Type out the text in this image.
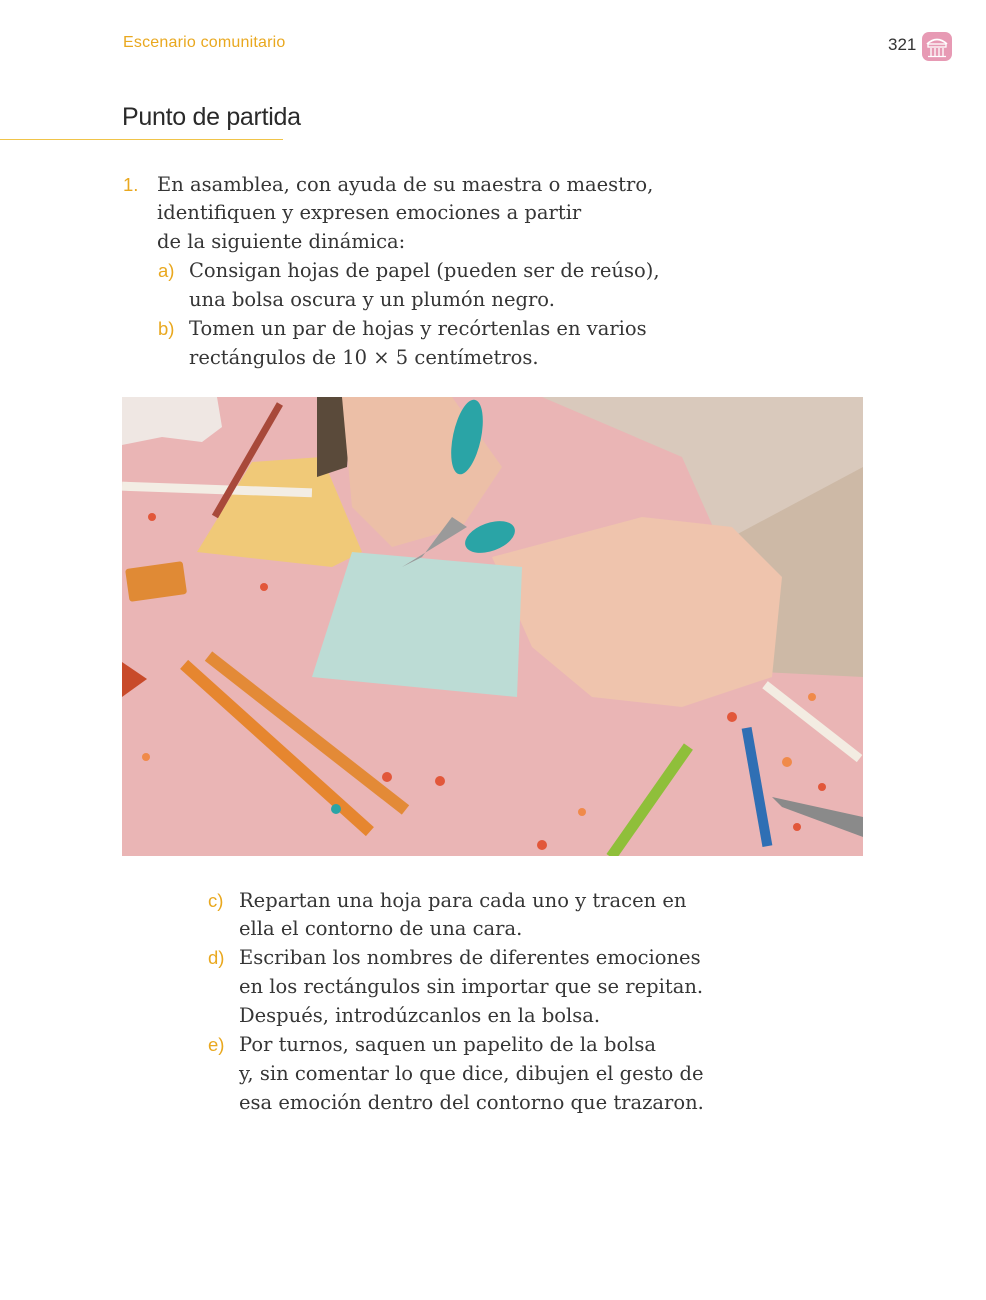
Escenario comunitario	321
Punto de partida
1. En asamblea, con ayuda de su maestra o maestro,
identifiquen y expresen emociones a partir
de la siguiente dinámica:
a) Consigan hojas de papel (pueden ser de reúso),
una bolsa oscura y un plumón negro.
b) Tomen un par de hojas y recórtenlas en varios
rectángulos de 10 × 5 centímetros.
c) Repartan una hoja para cada uno y tracen en
ella el contorno de una cara.
d) Escriban los nombres de diferentes emociones
en los rectángulos sin importar que se repitan.
Después, introdúzcanlos en la bolsa.
e) Por turnos, saquen un papelito de la bolsa
y, sin comentar lo que dice, dibujen el gesto de
esa emoción dentro del contorno que trazaron.
